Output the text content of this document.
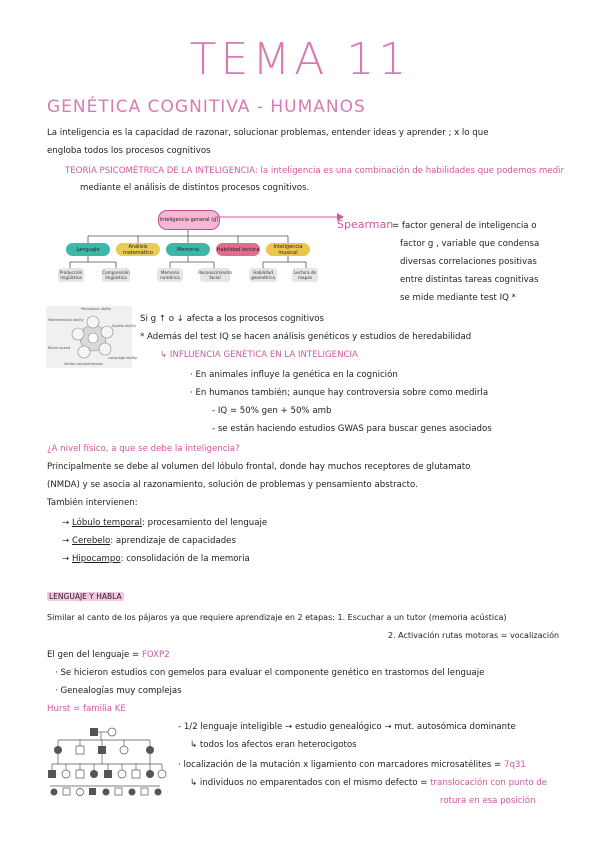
TEMA 11
GENÉTICA COGNITIVA - HUMANOS
La inteligencia es la capacidad de razonar, solucionar problemas, entender ideas y aprender ; x lo que
engloba todos los procesos cognitivos
TEORÍA PSICOMÉTRICA DE LA INTELIGENCIA: la inteligencia es una combinación de habilidades que podemos medir
mediante el análisis de distintos procesos cognitivos.
Inteligencia general (g)
Lenguaje	Análisis matemático	Memoria	Habilidad lectora	Inteligencia musical
Producción lingüística
Comprensión lingüística
Memoria numérica
Reconocimiento facial
Habilidad geométrica
Lectura de mapas
Spearman
= factor general de inteligencia o
factor g , variable que condensa
diversas correlaciones positivas
entre distintas tareas cognitivas
se mide mediante test IQ *
Perceptual ability
Mathematical ability
Spatial ability
Recall speed
Language ability
Verbal comprehension
Si g ↑ o ↓ afecta a los procesos cognitivos
* Además del test IQ se hacen análisis genéticos y estudios de heredabilidad
↳ INFLUENCIA GENÉTICA EN LA INTELIGENCIA
· En animales influye la genética en la cognición
· En humanos también; aunque hay controversia sobre como medirla
- IQ = 50% gen + 50% amb
- se están haciendo estudios GWAS para buscar genes asociados
¿A nivel físico, a que se debe la inteligencia?
Principalmente se debe al volumen del lóbulo frontal, donde hay muchos receptores de glutamato
(NMDA) y se asocia al razonamiento, solución de problemas y pensamiento abstracto.
También intervienen:
→ Lóbulo temporal: procesamiento del lenguaje
→ Cerebelo: aprendizaje de capacidades
→ Hipocampo: consolidación de la memoria
LENGUAJE Y HABLA
Similar al canto de los pájaros ya que requiere aprendizaje en 2 etapas: 1. Escuchar a un tutor (memoria acústica)
2. Activación rutas motoras = vocalización
El gen del lenguaje = FOXP2
· Se hicieron estudios con gemelos para evaluar el componente genético en trastornos del lenguaje
· Genealogías muy complejas
Hurst = familia KE
- 1/2 lenguaje inteligible → estudio genealógico → mut. autosómica dominante
↳ todos los afectos eran heterocigotos
· localización de la mutación x ligamiento con marcadores microsatélites = 7q31
↳ individuos no emparentados con el mismo defecto = translocación con punto de
rotura en esa posición
